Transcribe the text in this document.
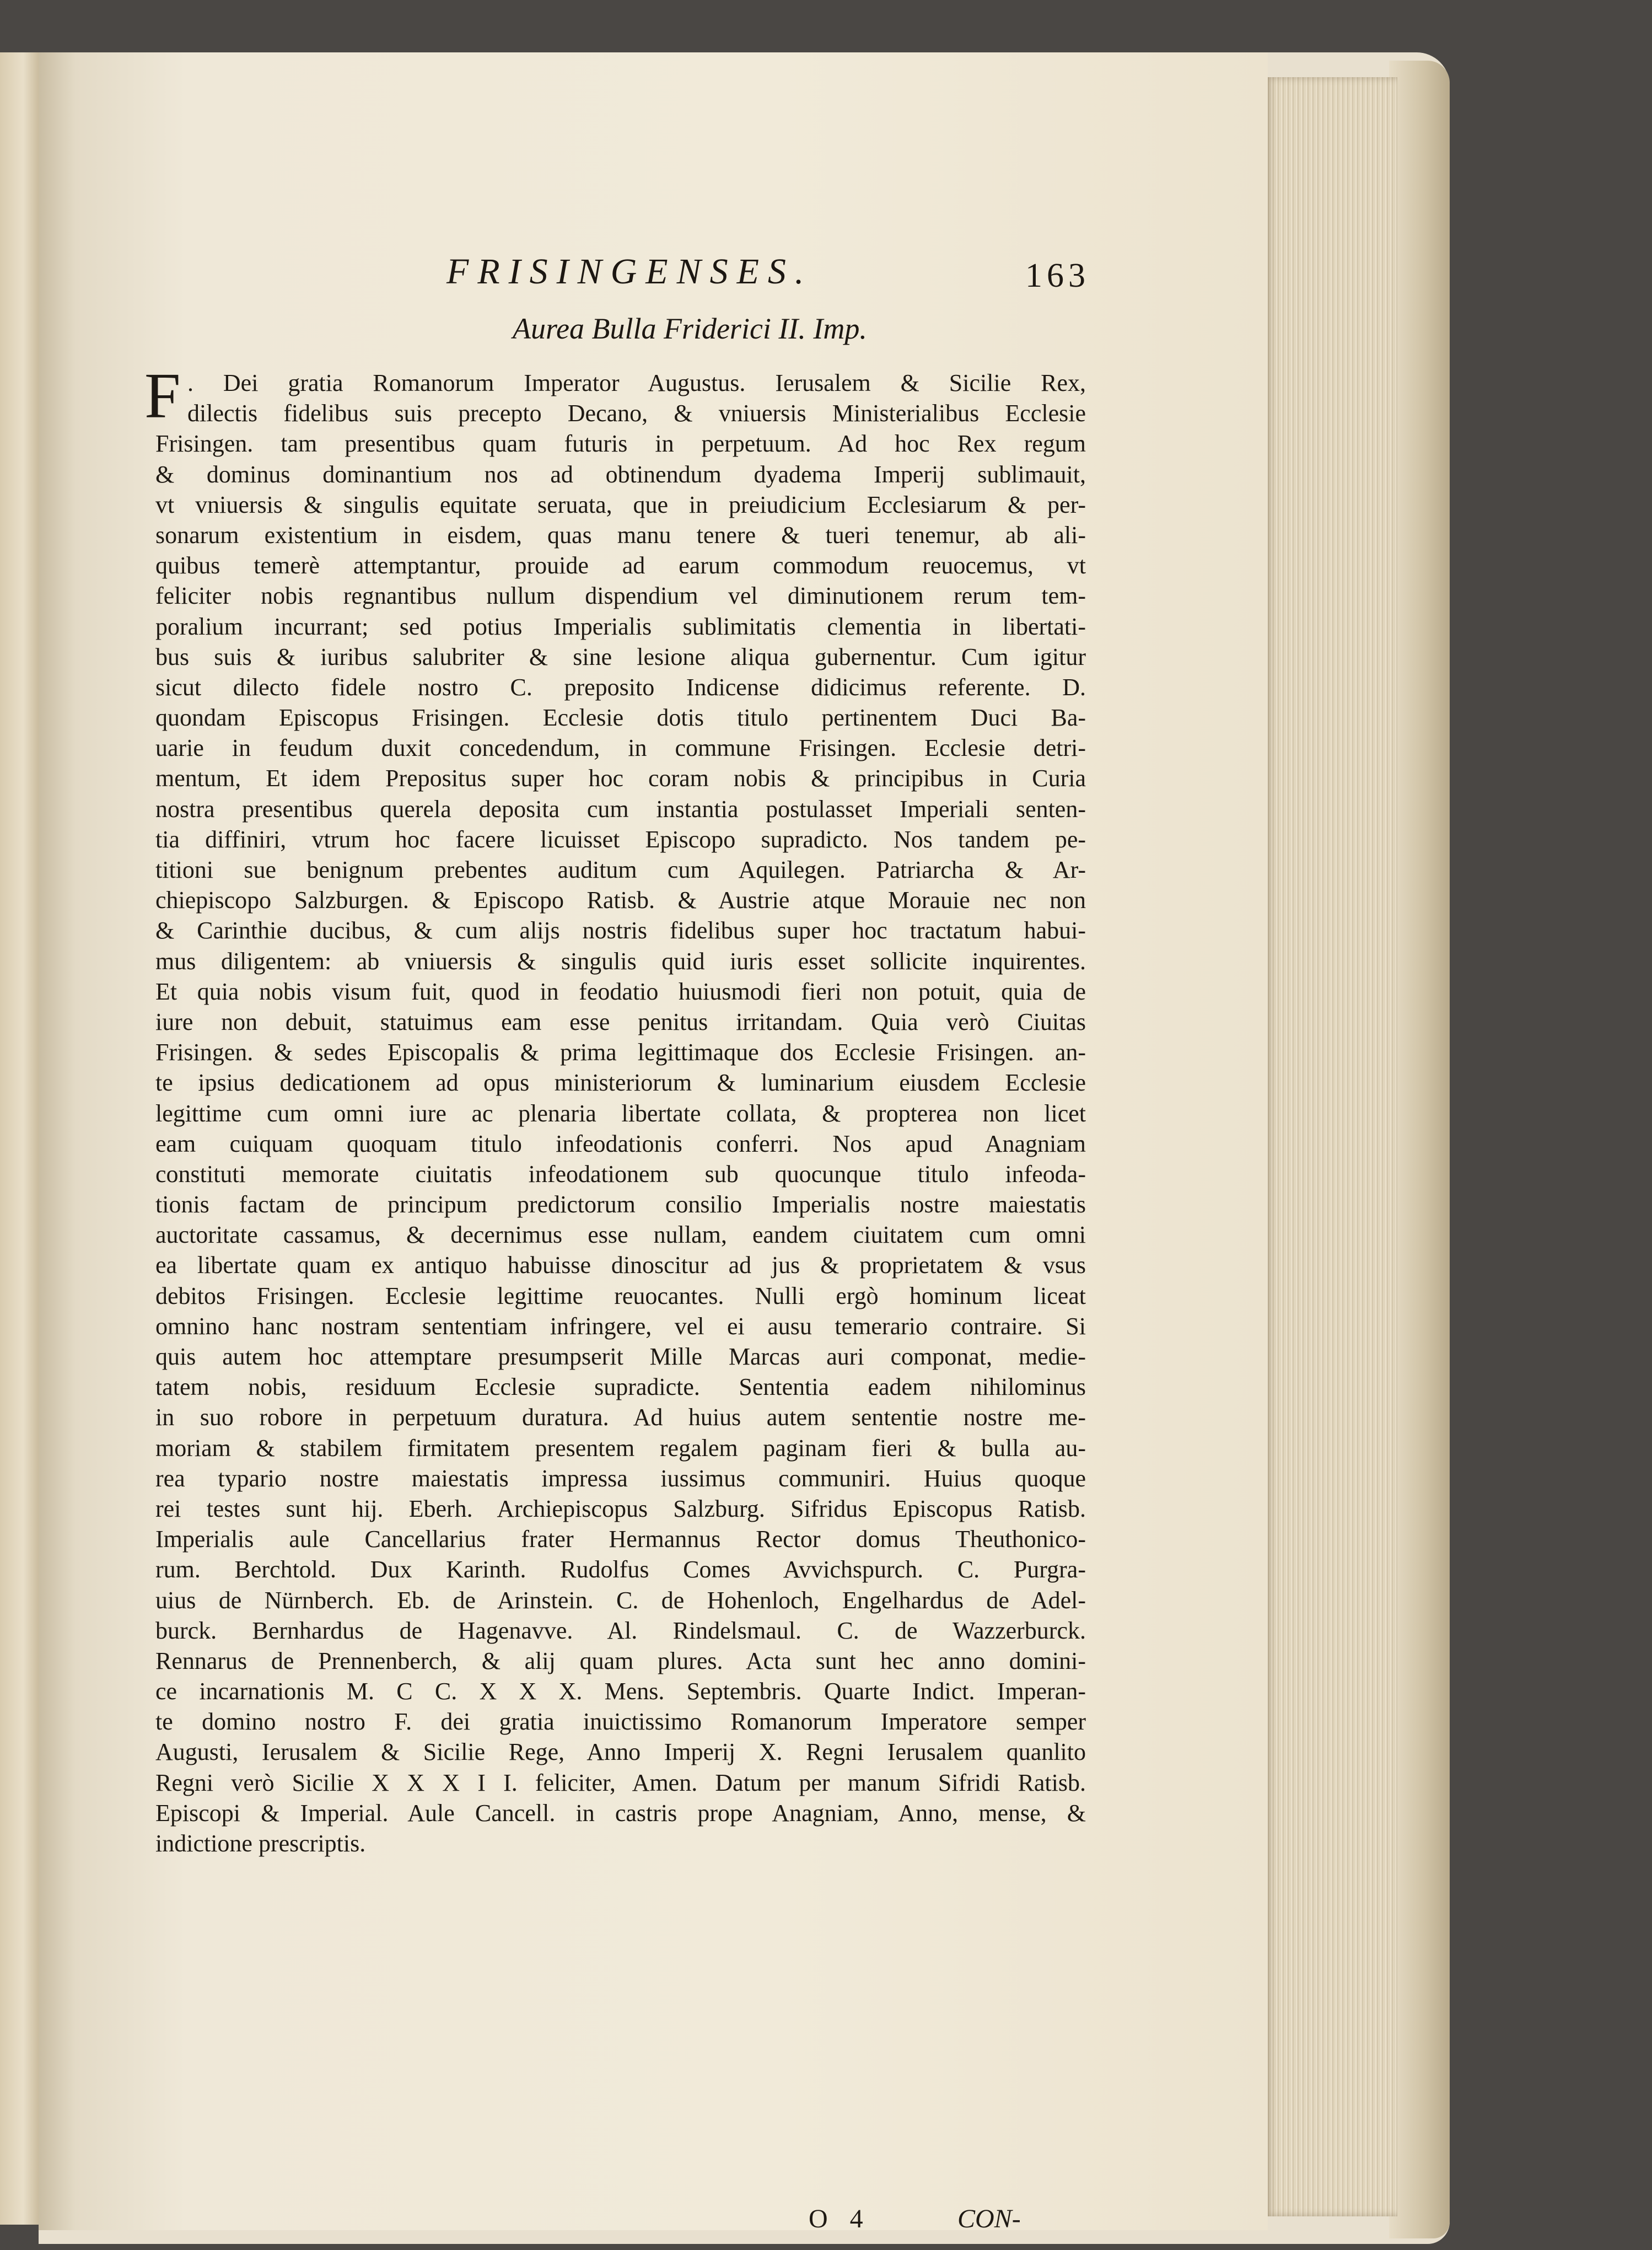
FRISINGENSES.	163
Aurea Bulla Friderici II. Imp.
F . Dei gratia Romanorum Imperator Augustus. Ierusalem & Sicilie Rex,
dilectis fidelibus suis precepto Decano, & vniuersis Ministerialibus Ecclesie
Frisingen. tam presentibus quam futuris in perpetuum. Ad hoc Rex regum
& dominus dominantium nos ad obtinendum dyadema Imperij sublimauit,
vt vniuersis & singulis equitate seruata, que in preiudicium Ecclesiarum & per-
sonarum existentium in eisdem, quas manu tenere & tueri tenemur, ab ali-
quibus temerè attemptantur, prouide ad earum commodum reuocemus, vt
feliciter nobis regnantibus nullum dispendium vel diminutionem rerum tem-
poralium incurrant; sed potius Imperialis sublimitatis clementia in libertati-
bus suis & iuribus salubriter & sine lesione aliqua gubernentur. Cum igitur
sicut dilecto fidele nostro C. preposito Indicense didicimus referente. D.
quondam Episcopus Frisingen. Ecclesie dotis titulo pertinentem Duci Ba-
uarie in feudum duxit concedendum, in commune Frisingen. Ecclesie detri-
mentum, Et idem Prepositus super hoc coram nobis & principibus in Curia
nostra presentibus querela deposita cum instantia postulasset Imperiali senten-
tia diffiniri, vtrum hoc facere licuisset Episcopo supradicto. Nos tandem pe-
titioni sue benignum prebentes auditum cum Aquilegen. Patriarcha & Ar-
chiepiscopo Salzburgen. & Episcopo Ratisb. & Austrie atque Morauie nec non
& Carinthie ducibus, & cum alijs nostris fidelibus super hoc tractatum habui-
mus diligentem: ab vniuersis & singulis quid iuris esset sollicite inquirentes.
Et quia nobis visum fuit, quod in feodatio huiusmodi fieri non potuit, quia de
iure non debuit, statuimus eam esse penitus irritandam. Quia verò Ciuitas
Frisingen. & sedes Episcopalis & prima legittimaque dos Ecclesie Frisingen. an-
te ipsius dedicationem ad opus ministeriorum & luminarium eiusdem Ecclesie
legittime cum omni iure ac plenaria libertate collata, & propterea non licet
eam cuiquam quoquam titulo infeodationis conferri. Nos apud Anagniam
constituti memorate ciuitatis infeodationem sub quocunque titulo infeoda-
tionis factam de principum predictorum consilio Imperialis nostre maiestatis
auctoritate cassamus, & decernimus esse nullam, eandem ciuitatem cum omni
ea libertate quam ex antiquo habuisse dinoscitur ad jus & proprietatem & vsus
debitos Frisingen. Ecclesie legittime reuocantes. Nulli ergò hominum liceat
omnino hanc nostram sententiam infringere, vel ei ausu temerario contraire. Si
quis autem hoc attemptare presumpserit Mille Marcas auri componat, medie-
tatem nobis, residuum Ecclesie supradicte. Sententia eadem nihilominus
in suo robore in perpetuum duratura. Ad huius autem sententie nostre me-
moriam & stabilem firmitatem presentem regalem paginam fieri & bulla au-
rea typario nostre maiestatis impressa iussimus communiri. Huius quoque
rei testes sunt hij. Eberh. Archiepiscopus Salzburg. Sifridus Episcopus Ratisb.
Imperialis aule Cancellarius frater Hermannus Rector domus Theuthonico-
rum. Berchtold. Dux Karinth. Rudolfus Comes Avvichspurch. C. Purgra-
uius de Nürnberch. Eb. de Arinstein. C. de Hohenloch, Engelhardus de Adel-
burck. Bernhardus de Hagenavve. Al. Rindelsmaul. C. de Wazzerburck.
Rennarus de Prennenberch, & alij quam plures. Acta sunt hec anno domini-
ce incarnationis M. C C. X X X. Mens. Septembris. Quarte Indict. Imperan-
te domino nostro F. dei gratia inuictissimo Romanorum Imperatore semper
Augusti, Ierusalem & Sicilie Rege, Anno Imperij X. Regni Ierusalem quanlito
Regni verò Sicilie X X X I I. feliciter, Amen. Datum per manum Sifridi Ratisb.
Episcopi & Imperial. Aule Cancell. in castris prope Anagniam, Anno, mense, &
indictione prescriptis.
O 4	CON-
